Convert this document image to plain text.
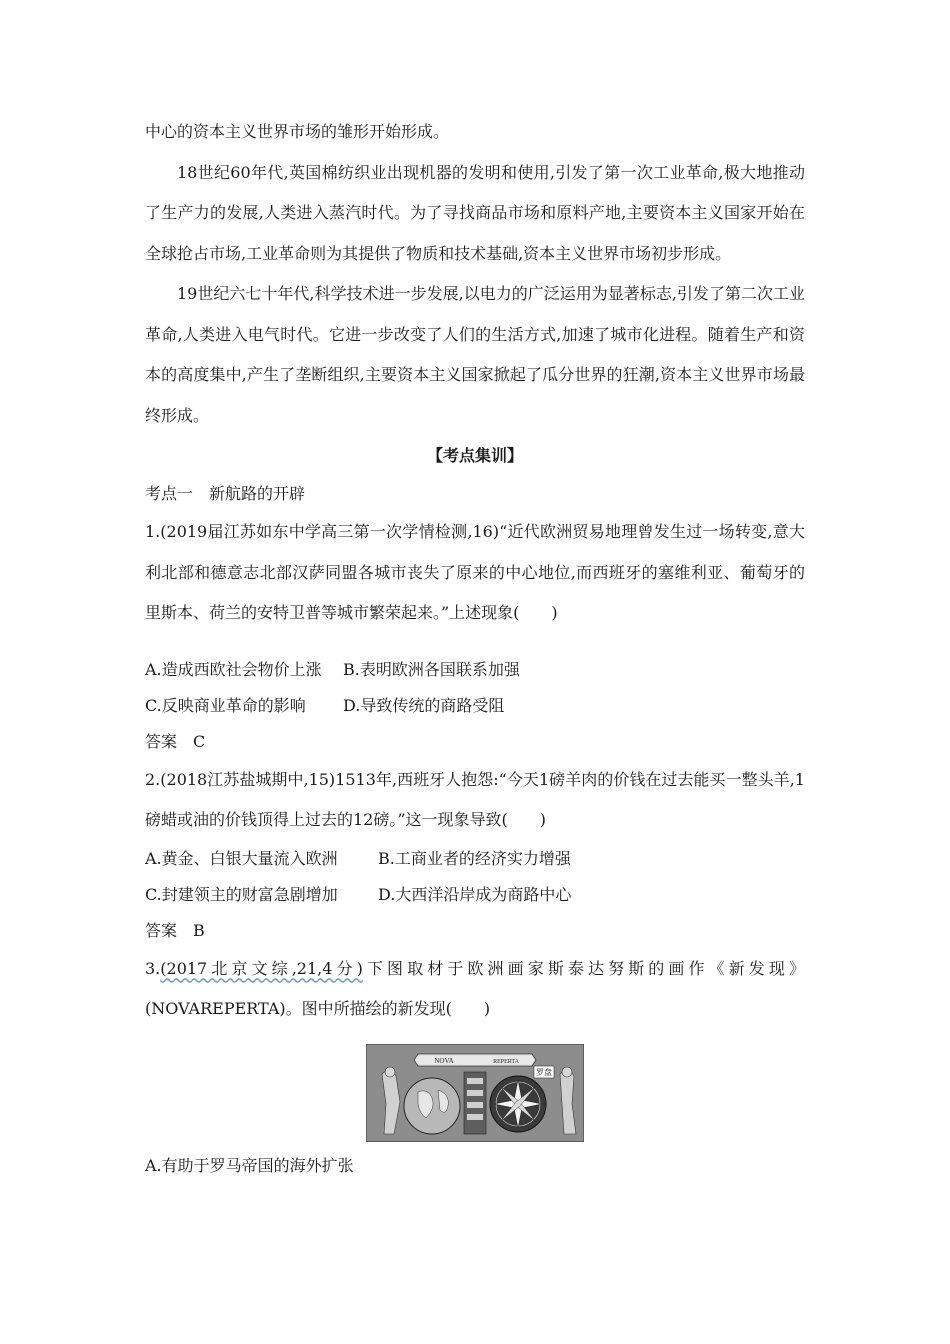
中心的资本主义世界市场的雏形开始形成。

18世纪60年代,英国棉纺织业出现机器的发明和使用,引发了第一次工业革命,极大地推动了生产力的发展,人类进入蒸汽时代。为了寻找商品市场和原料产地,主要资本主义国家开始在全球抢占市场,工业革命则为其提供了物质和技术基础,资本主义世界市场初步形成。

19世纪六七十年代,科学技术进一步发展,以电力的广泛运用为显著标志,引发了第二次工业革命,人类进入电气时代。它进一步改变了人们的生活方式,加速了城市化进程。随着生产和资本的高度集中,产生了垄断组织,主要资本主义国家掀起了瓜分世界的狂潮,资本主义世界市场最终形成。

【考点集训】

考点一　新航路的开辟

1.(2019届江苏如东中学高三第一次学情检测,16)“近代欧洲贸易地理曾发生过一场转变,意大利北部和德意志北部汉萨同盟各城市丧失了原来的中心地位,而西班牙的塞维利亚、葡萄牙的里斯本、荷兰的安特卫普等城市繁荣起来。”上述现象(　　)

A.造成西欧社会物价上涨	B.表明欧洲各国联系加强
C.反映商业革命的影响	D.导致传统的商路受阻

答案　C

2.(2018江苏盐城期中,15)1513年,西班牙人抱怨:“今天1磅羊肉的价钱在过去能买一整头羊,1磅蜡或油的价钱顶得上过去的12磅。”这一现象导致(　　)

A.黄金、白银大量流入欧洲	B.工商业者的经济实力增强
C.封建领主的财富急剧增加	D.大西洋沿岸成为商路中心

答案　B

3.(2017北京文综,21,4分)下图取材于欧洲画家斯泰达努斯的画作《新发现》(NOVAREPERTA)。图中所描绘的新发现(　　)

NOVA	REPERTA
罗盘

A.有助于罗马帝国的海外扩张
